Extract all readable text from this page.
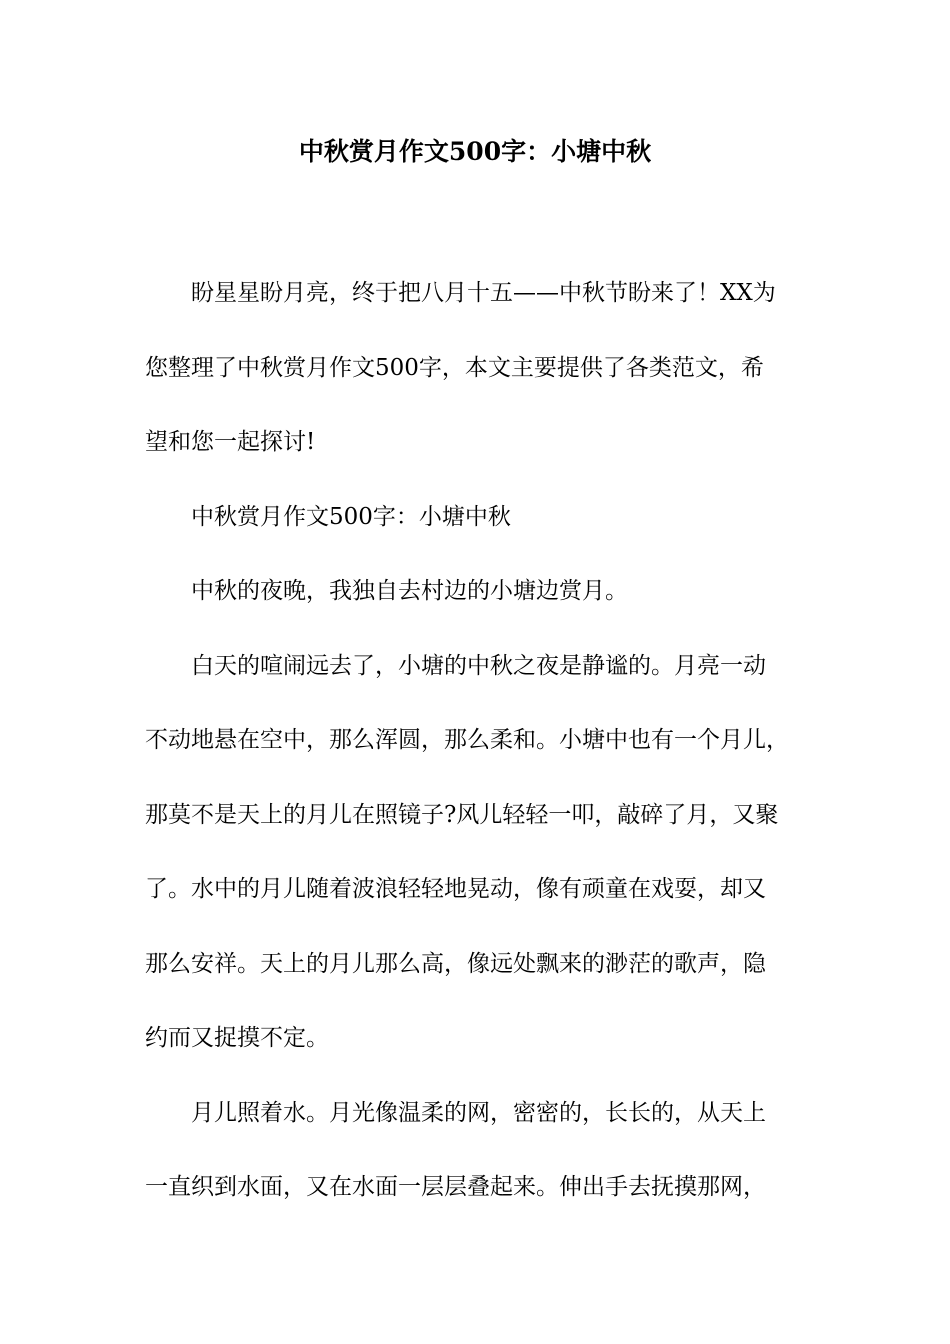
中秋赏月作文500字：小塘中秋

盼星星盼月亮，终于把八月十五——中秋节盼来了！XX为
您整理了中秋赏月作文500字，本文主要提供了各类范文，希
望和您一起探讨!

中秋赏月作文500字：小塘中秋

中秋的夜晚，我独自去村边的小塘边赏月。

白天的喧闹远去了，小塘的中秋之夜是静谧的。月亮一动
不动地悬在空中，那么浑圆，那么柔和。小塘中也有一个月儿，
那莫不是天上的月儿在照镜子?风儿轻轻一叩，敲碎了月，又聚
了。水中的月儿随着波浪轻轻地晃动，像有顽童在戏耍，却又
那么安祥。天上的月儿那么高，像远处飘来的渺茫的歌声，隐
约而又捉摸不定。

月儿照着水。月光像温柔的网，密密的，长长的，从天上
一直织到水面，又在水面一层层叠起来。伸出手去抚摸那网，
